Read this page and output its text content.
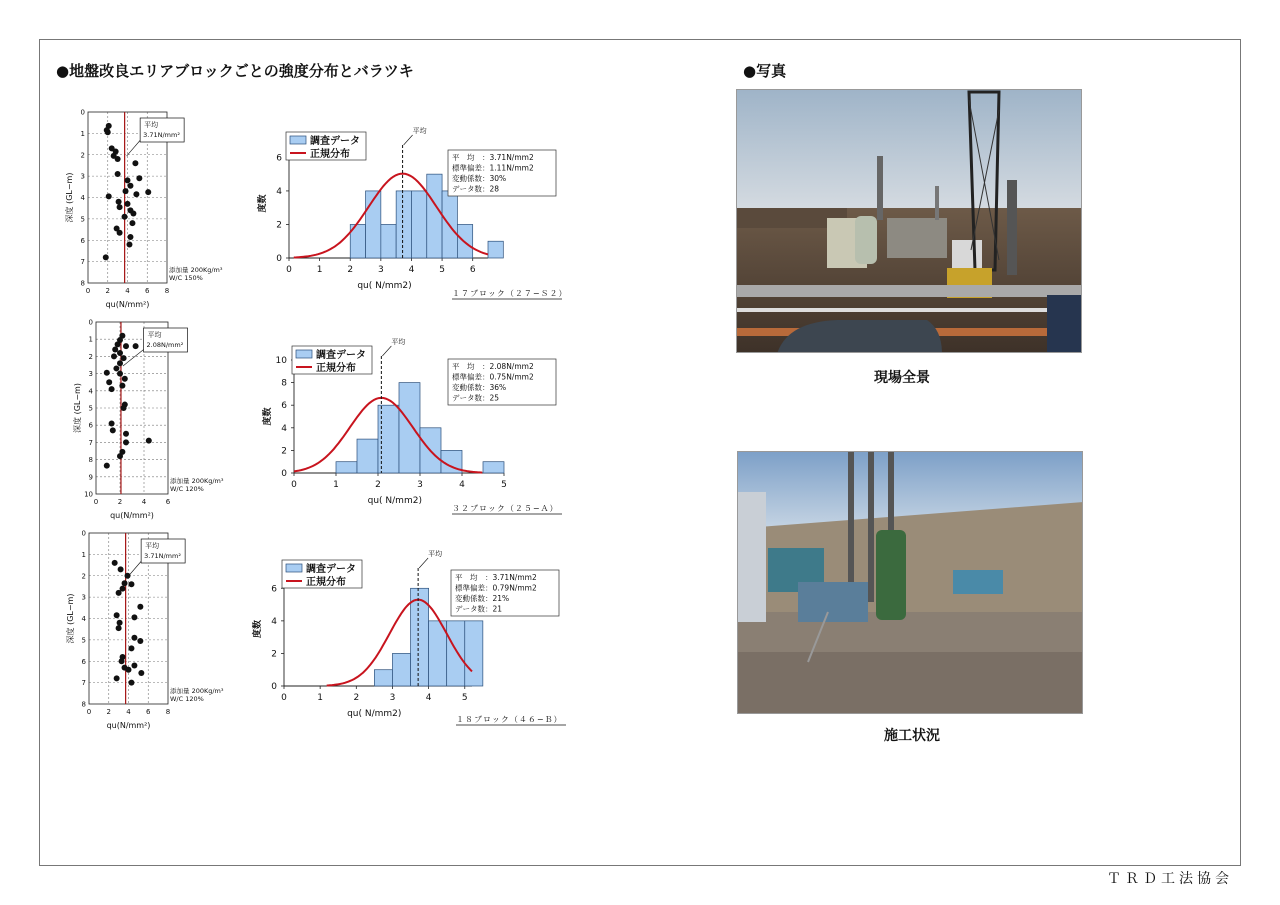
●地盤改良エリアブロックごとの強度分布とバラツキ	●写真
0 2 4 6 8
0
1
2
3
4
5
6
7
8
平均
3.71N/mm²
添加量 200Kg/m³
W/C 150%
qu(N/mm²)
深度 (GL−m)
0	1	2	3	4	5	6
0
2
4
6
平均
調査データ
正規分布	平　均　：3.71N/mm2
標準偏差：1.11N/mm2
変動係数：30%
データ数：28
qu( N/mm2)
度数
１７ブロック（２７−Ｓ２）
0	2	4	6
0
1
2
3
4
5
6
7
8
9
10
平均
2.08N/mm²
添加量 200Kg/m³
W/C 120%
qu(N/mm²)
深度 (GL−m)
0	1	2	3	4	5
0
2
4
6
8
10
平均
調査データ
正規分布	平　均　：2.08N/mm2
標準偏差：0.75N/mm2
変動係数：36%
データ数：25
qu( N/mm2)
度数
３２ブロック（２５−Ａ）
0 2 4 6 8
0
1
2
3
4
5
6
7
8
平均
3.71N/mm²
添加量 200Kg/m³
W/C 120%
qu(N/mm²)
深度 (GL−m)
0	1	2	3	4	5
0
2
4
6
平均
調査データ
正規分布	平　均　：3.71N/mm2
標準偏差：0.79N/mm2
変動係数：21%
データ数：21
qu( N/mm2)
度数
１８ブロック（４６−Ｂ）
現場全景
施工状況
ＴＲＤ工法協会
